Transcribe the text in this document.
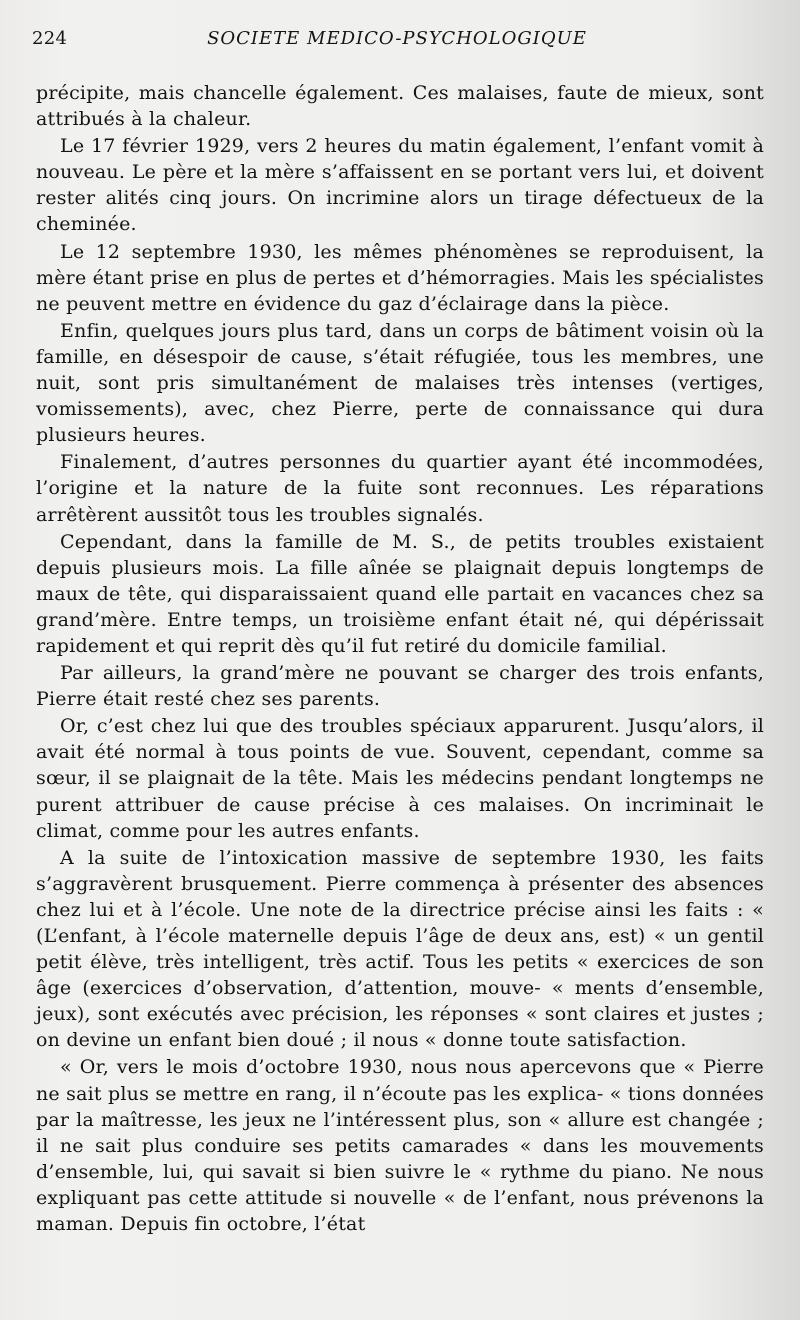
224	SOCIETE MEDICO-PSYCHOLOGIQUE

précipite, mais chancelle également. Ces malaises, faute de mieux, sont attribués à la chaleur.

Le 17 février 1929, vers 2 heures du matin également, l’enfant vomit à nouveau. Le père et la mère s’affaissent en se portant vers lui, et doivent rester alités cinq jours. On incrimine alors un tirage défectueux de la cheminée.

Le 12 septembre 1930, les mêmes phénomènes se reproduisent, la mère étant prise en plus de pertes et d’hémorragies. Mais les spécialistes ne peuvent mettre en évidence du gaz d’éclairage dans la pièce.

Enfin, quelques jours plus tard, dans un corps de bâtiment voisin où la famille, en désespoir de cause, s’était réfugiée, tous les membres, une nuit, sont pris simultanément de malaises très intenses (vertiges, vomissements), avec, chez Pierre, perte de connaissance qui dura plusieurs heures.

Finalement, d’autres personnes du quartier ayant été incommodées, l’origine et la nature de la fuite sont reconnues. Les réparations arrêtèrent aussitôt tous les troubles signalés.

Cependant, dans la famille de M. S., de petits troubles existaient depuis plusieurs mois. La fille aînée se plaignait depuis longtemps de maux de tête, qui disparaissaient quand elle partait en vacances chez sa grand’mère. Entre temps, un troisième enfant était né, qui dépérissait rapidement et qui reprit dès qu’il fut retiré du domicile familial.

Par ailleurs, la grand’mère ne pouvant se charger des trois enfants, Pierre était resté chez ses parents.

Or, c’est chez lui que des troubles spéciaux apparurent. Jusqu’alors, il avait été normal à tous points de vue. Souvent, cependant, comme sa sœur, il se plaignait de la tête. Mais les médecins pendant longtemps ne purent attribuer de cause précise à ces malaises. On incriminait le climat, comme pour les autres enfants.

A la suite de l’intoxication massive de septembre 1930, les faits s’aggravèrent brusquement. Pierre commença à présenter des absences chez lui et à l’école. Une note de la directrice précise ainsi les faits : « (L’enfant, à l’école maternelle depuis l’âge de deux ans, est) « un gentil petit élève, très intelligent, très actif. Tous les petits « exercices de son âge (exercices d’observation, d’attention, mouve- « ments d’ensemble, jeux), sont exécutés avec précision, les réponses « sont claires et justes ; on devine un enfant bien doué ; il nous « donne toute satisfaction.

« Or, vers le mois d’octobre 1930, nous nous apercevons que « Pierre ne sait plus se mettre en rang, il n’écoute pas les explica- « tions données par la maîtresse, les jeux ne l’intéressent plus, son « allure est changée ; il ne sait plus conduire ses petits camarades « dans les mouvements d’ensemble, lui, qui savait si bien suivre le « rythme du piano. Ne nous expliquant pas cette attitude si nouvelle « de l’enfant, nous prévenons la maman. Depuis fin octobre, l’état
